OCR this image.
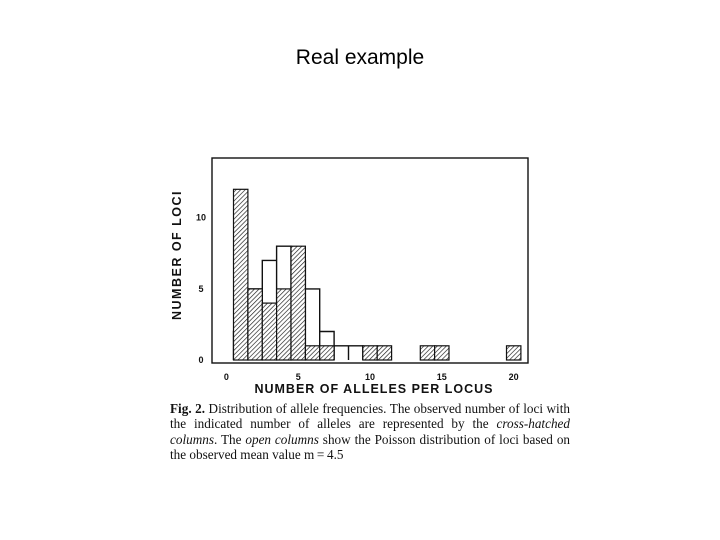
Real example
0	5	10	15	20
0
5
10
NUMBER OF ALLELES PER LOCUS
NUMBER OF LOCI
Fig. 2. Distribution of allele frequencies. The observed number of loci with the indicated number of alleles are represented by the cross-hatched columns. The open columns show the Poisson distribution of loci based on the observed mean value m = 4.5
